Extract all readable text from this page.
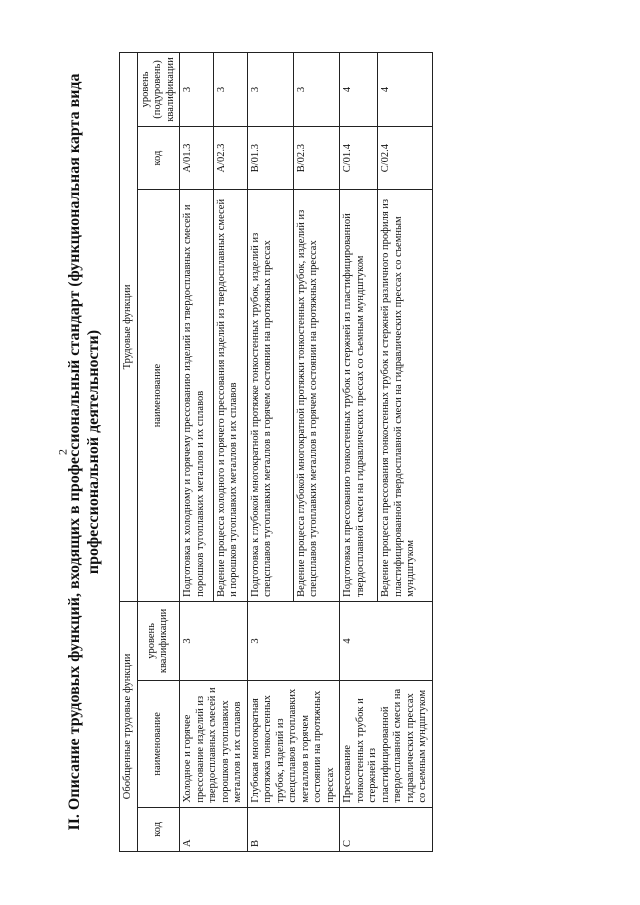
2
II. Описание трудовых функций, входящих в профессиональный стандарт (функциональная карта вида профессиональной деятельности)
Обобщенные трудовые функции			Трудовые функции		
код	наименование	уровень квалификации	наименование	код	уровень (подуровень) квалификации
A	Холодное и горячее прессование изделий из твердосплавных смесей и порошков тугоплавких металлов и их сплавов	3	Подготовка к холодному и горячему прессованию изделий из твердосплавных смесей и порошков тугоплавких металлов и их сплавов	A/01.3	3
			Ведение процесса холодного и горячего прессования изделий из твердосплавных смесей и порошков тугоплавких металлов и их сплавов	A/02.3	3
B	Глубокая многократная протяжка тонкостенных трубок, изделий из спецсплавов тугоплавких металлов в горячем состоянии на протяжных прессах	3	Подготовка к глубокой многократной протяжке тонкостенных трубок, изделий из спецсплавов тугоплавких металлов в горячем состоянии на протяжных прессах	B/01.3	3
			Ведение процесса глубокой многократной протяжки тонкостенных трубок, изделий из спецсплавов тугоплавких металлов в горячем состоянии на протяжных прессах	B/02.3	3
C	Прессование тонкостенных трубок и стержней из пластифицированной твердосплавной смеси на гидравлических прессах со съемным мундштуком	4	Подготовка к прессованию тонкостенных трубок и стержней из пластифицированной твердосплавной смеси на гидравлических прессах со съемным мундштуком	C/01.4	4
			Ведение процесса прессования тонкостенных трубок и стержней различного профиля из пластифицированной твердосплавной смеси на гидравлических прессах со съемным мундштуком	C/02.4	4
